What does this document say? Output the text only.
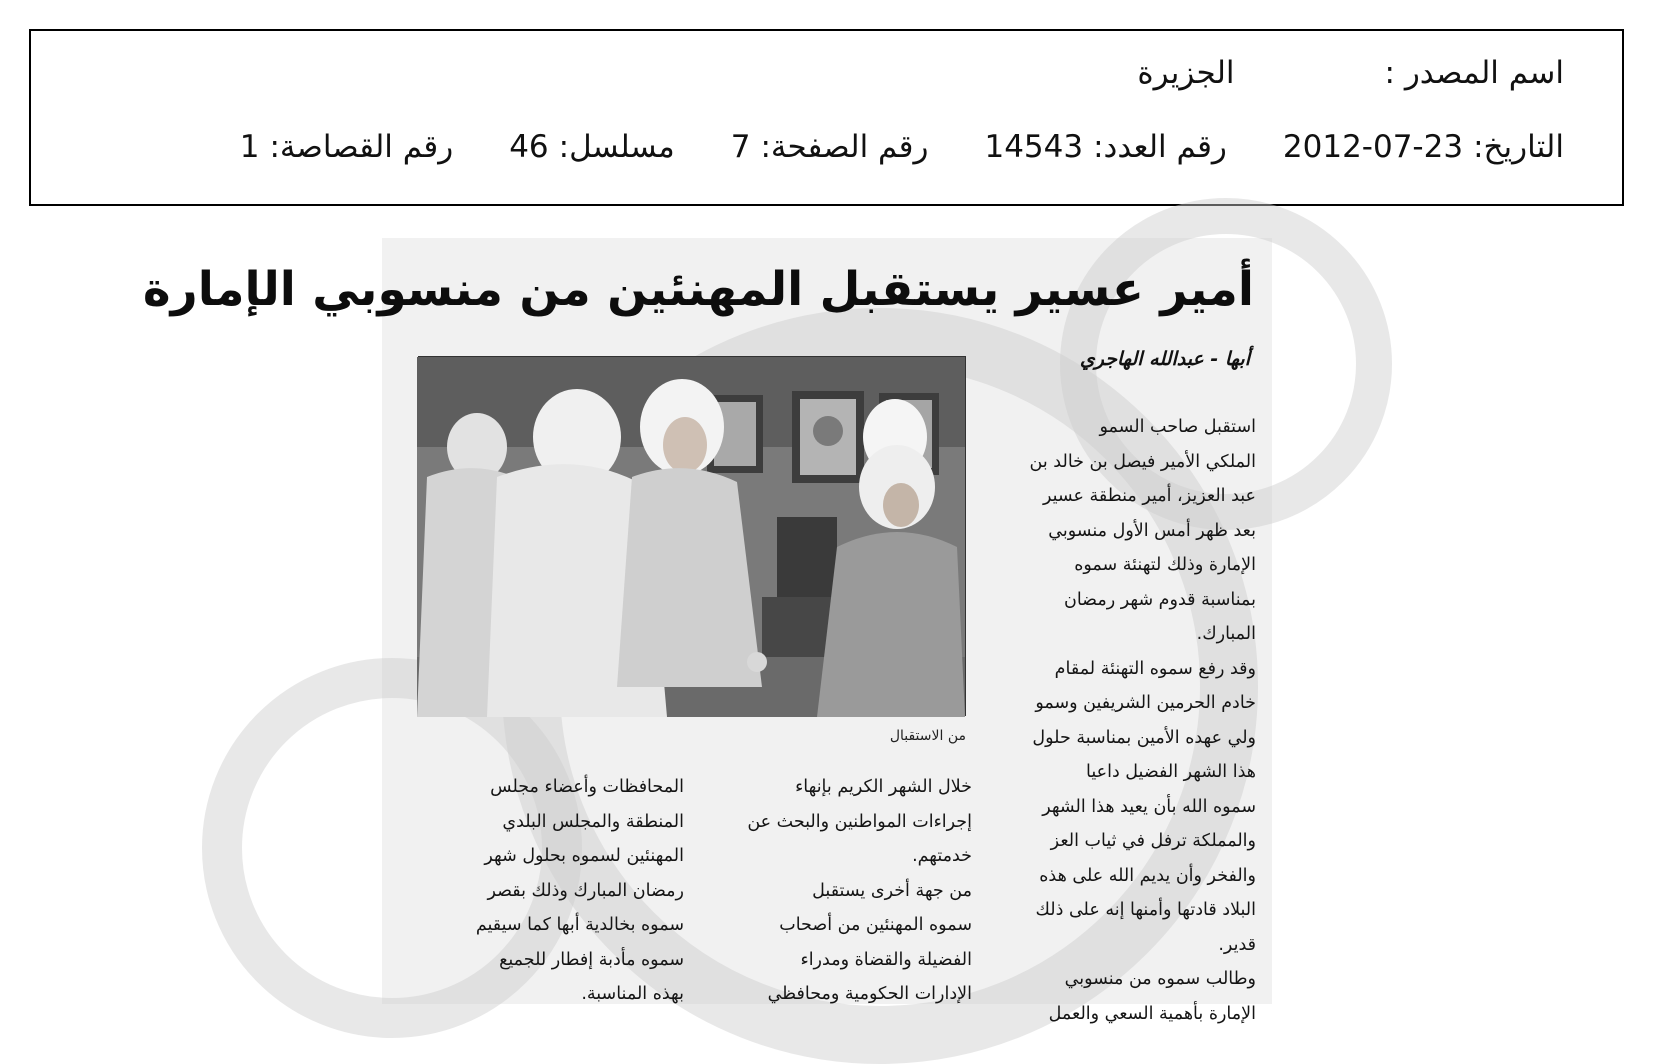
اسم المصدر :
الجزيرة
التاريخ:
2012-07-23
رقم العدد:
14543
رقم الصفحة:
7
مسلسل:
46
رقم القصاصة:
1
أمير عسير يستقبل المهنئين من منسوبي الإمارة
أبها - عبدالله الهاجري
من الاستقبال
استقبل صاحب السمو
الملكي الأمير فيصل بن خالد بن
عبد العزيز، أمير منطقة عسير
بعد ظهر أمس الأول منسوبي
الإمارة وذلك لتهنئة سموه
بمناسبة قدوم شهر رمضان
المبارك.
وقد رفع سموه التهنئة لمقام
خادم الحرمين الشريفين وسمو
ولي عهده الأمين بمناسبة حلول
هذا الشهر الفضيل داعيا
سموه الله بأن يعيد هذا الشهر
والمملكة ترفل في ثياب العز
والفخر وأن يديم الله على هذه
البلاد قادتها وأمنها إنه على ذلك
قدير.
وطالب سموه من منسوبي
الإمارة بأهمية السعي والعمل
خلال الشهر الكريم بإنهاء
إجراءات المواطنين والبحث عن
خدمتهم.
من جهة أخرى يستقبل
سموه المهنئين من أصحاب
الفضيلة والقضاة ومدراء
الإدارات الحكومية ومحافظي
المحافظات وأعضاء مجلس
المنطقة والمجلس البلدي
المهنئين لسموه بحلول شهر
رمضان المبارك وذلك بقصر
سموه بخالدية أبها كما سيقيم
سموه مأدبة إفطار للجميع
بهذه المناسبة.
